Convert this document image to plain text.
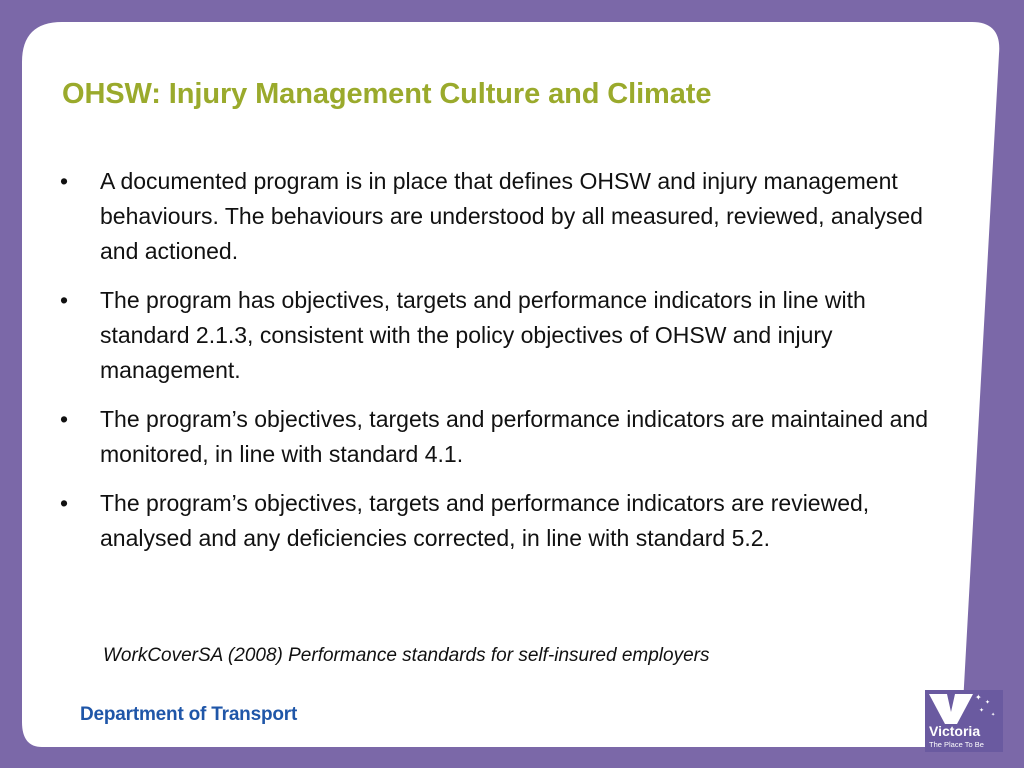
OHSW: Injury Management Culture and Climate
•	A documented program is in place that defines OHSW and injury management behaviours. The behaviours are understood by all measured, reviewed, analysed and actioned.
•	The program has objectives, targets and performance indicators in line with standard 2.1.3, consistent with the policy objectives of OHSW and injury management.
•	The program’s objectives, targets and performance indicators are maintained and monitored, in line with standard 4.1.
•	The program’s objectives, targets and performance indicators are reviewed, analysed and any deficiencies corrected, in line with standard 5.2.

WorkCoverSA (2008) Performance standards for self-insured employers

Department of Transport
✦
✦
✦
✦
Victoria
The Place To Be
